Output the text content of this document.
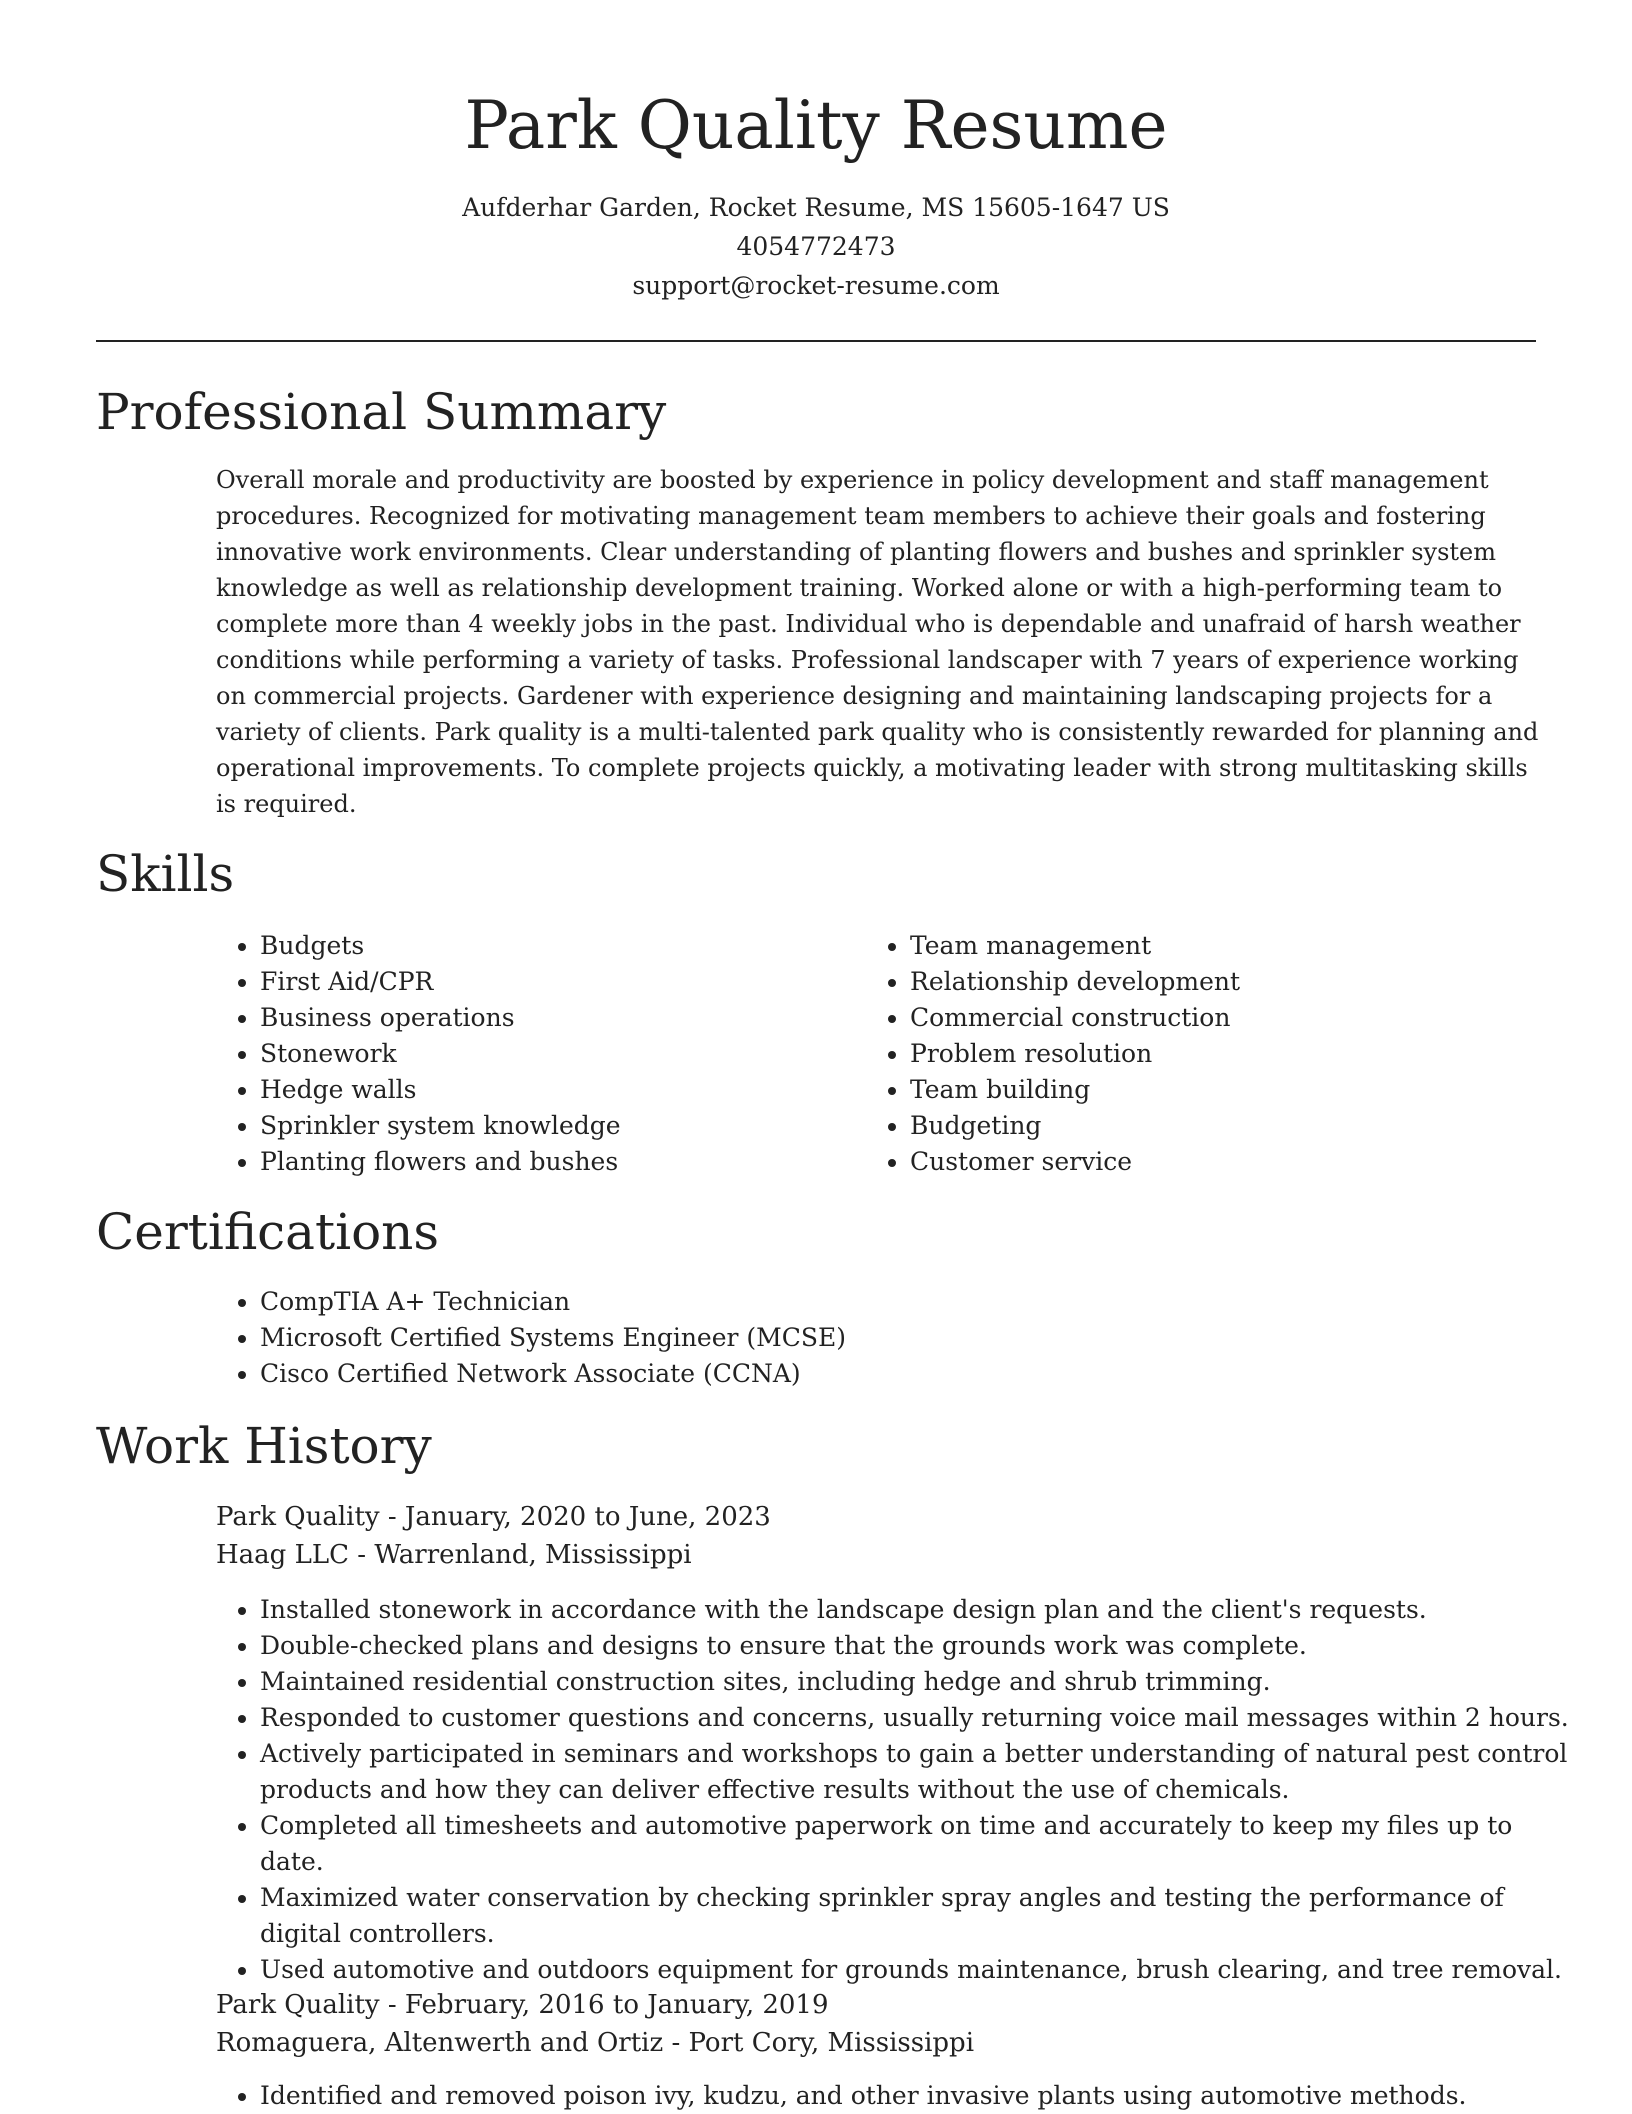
Park Quality Resume
Aufderhar Garden, Rocket Resume, MS 15605-1647 US
4054772473
support@rocket-resume.com
Professional Summary

Overall morale and productivity are boosted by experience in policy development and staff management procedures. Recognized for motivating management team members to achieve their goals and fostering innovative work environments. Clear understanding of planting flowers and bushes and sprinkler system knowledge as well as relationship development training. Worked alone or with a high-performing team to complete more than 4 weekly jobs in the past. Individual who is dependable and unafraid of harsh weather conditions while performing a variety of tasks. Professional landscaper with 7 years of experience working on commercial projects. Gardener with experience designing and maintaining landscaping projects for a variety of clients. Park quality is a multi-talented park quality who is consistently rewarded for planning and operational improvements. To complete projects quickly, a motivating leader with strong multitasking skills is required.

Skills
• Budgets
• First Aid/CPR
• Business operations
• Stonework
• Hedge walls
• Sprinkler system knowledge
• Planting flowers and bushes
• Team management
• Relationship development
• Commercial construction
• Problem resolution
• Team building
• Budgeting
• Customer service
Certifications
• CompTIA A+ Technician
• Microsoft Certified Systems Engineer (MCSE)
• Cisco Certified Network Associate (CCNA)
Work History
Park Quality - January, 2020 to June, 2023
Haag LLC - Warrenland, Mississippi
• Installed stonework in accordance with the landscape design plan and the client's requests.
• Double-checked plans and designs to ensure that the grounds work was complete.
• Maintained residential construction sites, including hedge and shrub trimming.
• Responded to customer questions and concerns, usually returning voice mail messages within 2 hours.
• Actively participated in seminars and workshops to gain a better understanding of natural pest control products and how they can deliver effective results without the use of chemicals.
• Completed all timesheets and automotive paperwork on time and accurately to keep my files up to date.
• Maximized water conservation by checking sprinkler spray angles and testing the performance of digital controllers.
• Used automotive and outdoors equipment for grounds maintenance, brush clearing, and tree removal.
Park Quality - February, 2016 to January, 2019
Romaguera, Altenwerth and Ortiz - Port Cory, Mississippi
• Identified and removed poison ivy, kudzu, and other invasive plants using automotive methods.
